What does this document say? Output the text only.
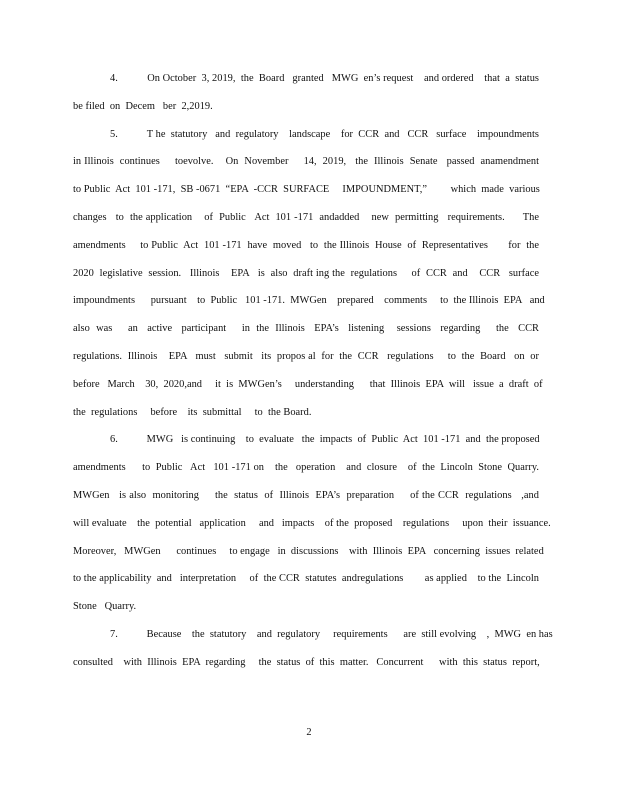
4.	On October  3, 2019,  the  Board   granted   MWG  en’s request    and ordered    that  a  status
be filed  on  Decem   ber  2,2019.
5.	T he  statutory   and  regulatory    landscape    for  CCR  and   CCR   surface    impoundments
in Illinois  continues     toevolve.    On  November     14,  2019,   the  Illinois  Senate   passed  anamendment
to Public  Act  101 -171,  SB -0671  “EPA  -CCR  SURFACE     IMPOUNDMENT,”         which  made  various
changes   to  the application    of  Public   Act  101 -171  andadded    new  permitting   requirements.      The
amendments     to Public  Act  101 -171  have  moved   to  the Illinois  House  of  Representatives       for  the
2020  legislative  session.   Illinois    EPA   is  also  draft ing the  regulations     of  CCR  and    CCR   surface
impoundments      pursuant    to  Public   101 -171.  MWGen    prepared    comments     to  the Illinois  EPA   and
also  was     an   active   participant     in  the  Illinois   EPA’s   listening    sessions   regarding     the   CCR
regulations.  Illinois    EPA   must   submit   its  propos al  for  the  CCR   regulations     to  the  Board   on  or
before   March    30,  2020,and     it  is  MWGen’s     understanding      that  Illinois  EPA  will   issue  a  draft  of
the  regulations     before    its  submittal     to  the Board.
6.	MWG   is continuing    to  evaluate   the  impacts  of  Public  Act  101 -171  and  the proposed
amendments      to  Public   Act   101 -171 on    the   operation    and  closure    of  the  Lincoln  Stone  Quarry.
MWGen   is also  monitoring     the  status  of  Illinois  EPA’s  preparation     of the CCR  regulations   ,and
will evaluate    the  potential   application     and   impacts    of the  proposed    regulations     upon  their  issuance.
Moreover,   MWGen      continues     to engage   in  discussions    with  Illinois  EPA   concerning  issues  related
to the applicability  and   interpretation     of  the CCR  statutes  andregulations        as applied    to the  Lincoln
Stone   Quarry.
7.	Because    the  statutory    and  regulatory     requirements      are  still evolving    ,  MWG  en has
consulted    with  Illinois  EPA  regarding     the  status  of  this  matter.   Concurrent      with  this  status  report,
2
